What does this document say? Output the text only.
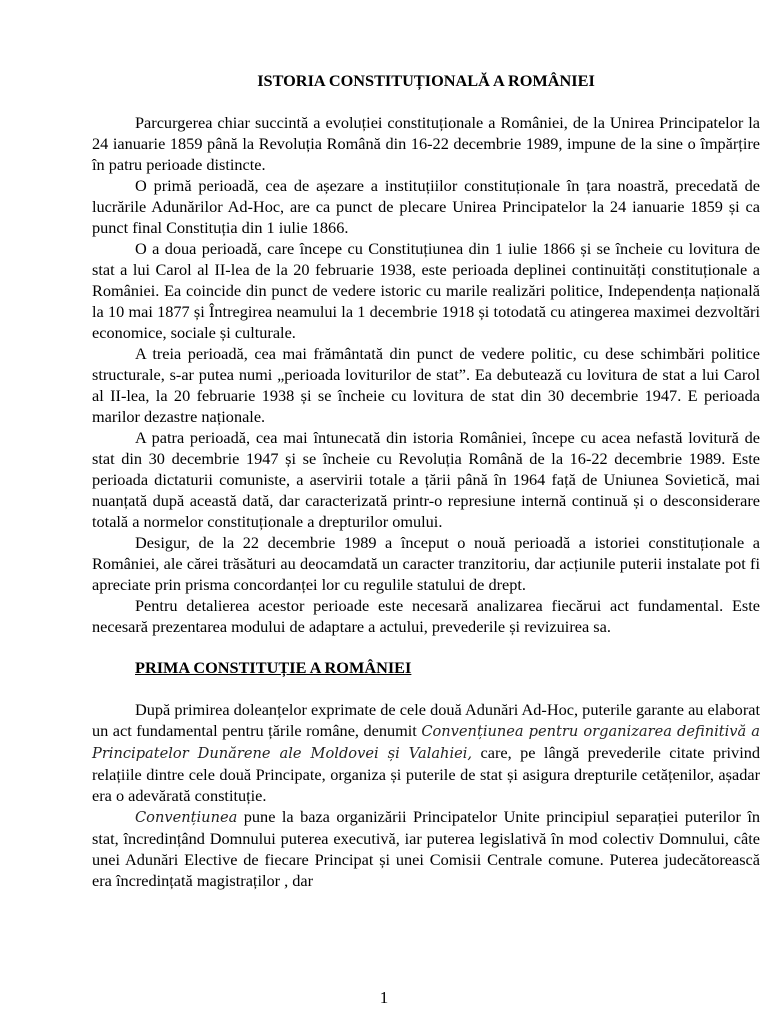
ISTORIA CONSTITUȚIONALĂ A ROMÂNIEI

Parcurgerea chiar succintă a evoluției constituționale a României, de la Unirea Principatelor la 24 ianuarie 1859 până la Revoluția Română din 16-22 decembrie 1989, impune de la sine o împărțire în patru perioade distincte.

O primă perioadă, cea de așezare a instituțiilor constituționale în țara noastră, precedată de lucrările Adunărilor Ad-Hoc, are ca punct de plecare Unirea Principatelor la 24 ianuarie 1859 și ca punct final Constituția din 1 iulie 1866.

O a doua perioadă, care începe cu Constituțiunea din 1 iulie 1866 și se încheie cu lovitura de stat a lui Carol al II-lea de la 20 februarie 1938, este perioada deplinei continuități constituționale a României. Ea coincide din punct de vedere istoric cu marile realizări politice, Independența națională la 10 mai 1877 și Întregirea neamului la 1 decembrie 1918 și totodată cu atingerea maximei dezvoltări economice, sociale și culturale.

A treia perioadă, cea mai frământată din punct de vedere politic, cu dese schimbări politice structurale, s-ar putea numi „perioada loviturilor de stat”. Ea debutează cu lovitura de stat a lui Carol al II-lea, la 20 februarie 1938 și se încheie cu lovitura de stat din 30 decembrie 1947. E perioada marilor dezastre naționale.

A patra perioadă, cea mai întunecată din istoria României, începe cu acea nefastă lovitură de stat din 30 decembrie 1947 și se încheie cu Revoluția Română de la 16-22 decembrie 1989. Este perioada dictaturii comuniste, a aservirii totale a țării până în 1964 față de Uniunea Sovietică, mai nuanțată după această dată, dar caracterizată printr-o represiune internă continuă și o desconsiderare totală a normelor constituționale a drepturilor omului.

Desigur, de la 22 decembrie 1989 a început o nouă perioadă a istoriei constituționale a României, ale cărei trăsături au deocamdată un caracter tranzitoriu, dar acțiunile puterii instalate pot fi apreciate prin prisma concordanței lor cu regulile statului de drept.

Pentru detalierea acestor perioade este necesară analizarea fiecărui act fundamental. Este necesară prezentarea modului de adaptare a actului, prevederile și revizuirea sa.

PRIMA CONSTITUȚIE A ROMÂNIEI

După primirea doleanțelor exprimate de cele două Adunări Ad-Hoc, puterile garante au elaborat un act fundamental pentru țările române, denumit Convențiunea pentru organizarea definitivă a Principatelor Dunărene ale Moldovei și Valahiei, care, pe lângă prevederile citate privind relațiile dintre cele două Principate, organiza și puterile de stat și asigura drepturile cetățenilor, așadar era o adevărată constituție.

Convențiunea pune la baza organizării Principatelor Unite principiul separației puterilor în stat, încredințând Domnului puterea executivă, iar puterea legislativă în mod colectiv Domnului, câte unei Adunări Elective de fiecare Principat și unei Comisii Centrale comune. Puterea judecătorească era încredințată magistraților , dar

1
